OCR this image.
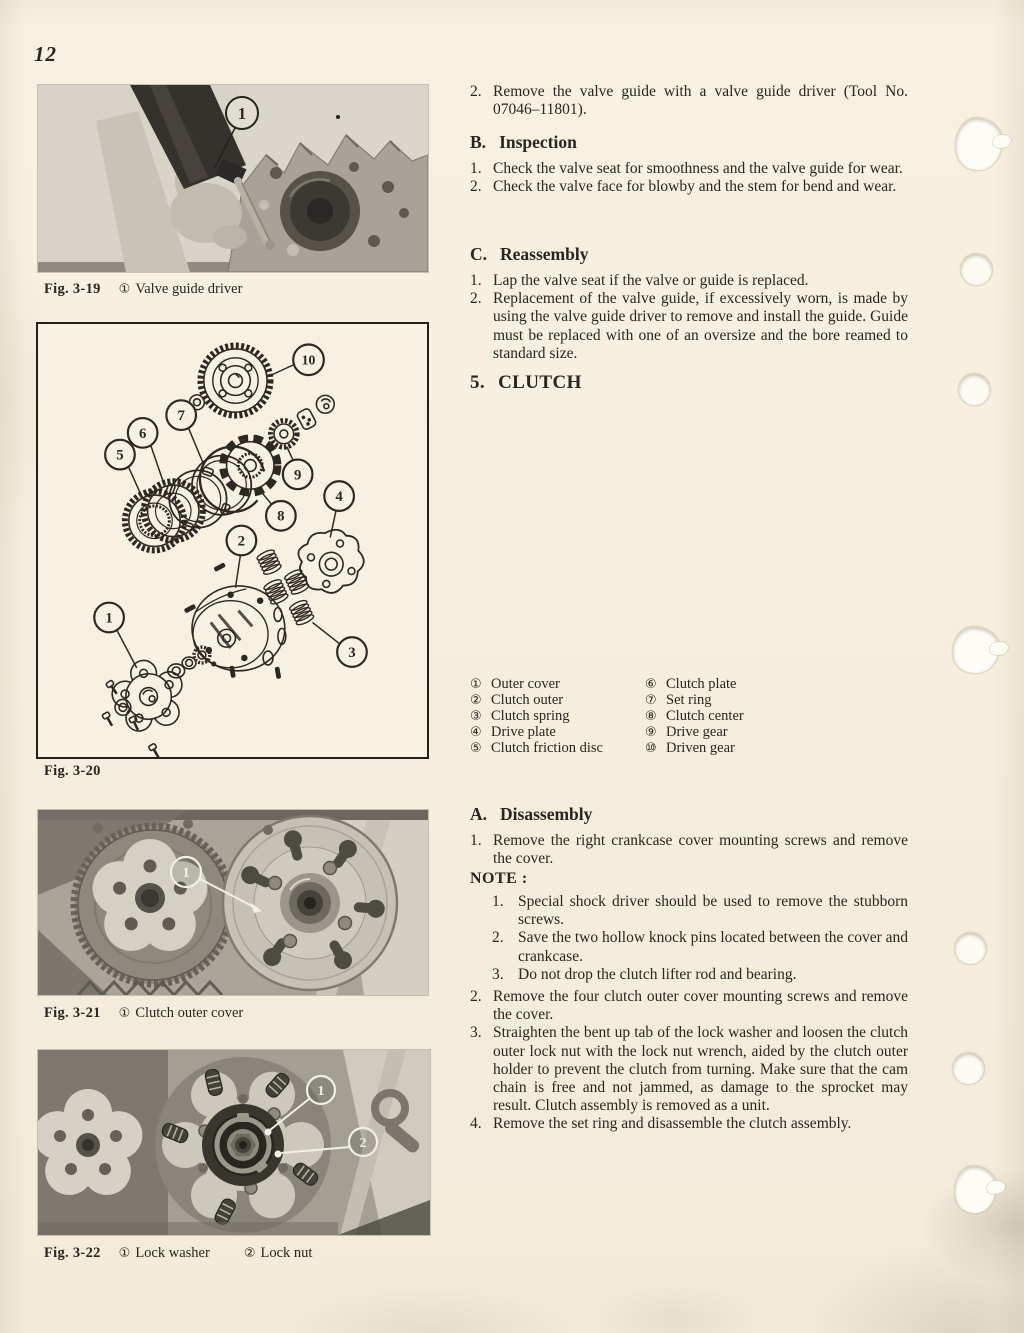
12
1
Fig. 3-19 ① Valve guide driver
1
2
3
4
5
6
7
8
9
10
Fig. 3-20
1
Fig. 3-21 ① Clutch outer cover
1
2
Fig. 3-22 ① Lock washer	② Lock nut
2. Remove the valve guide with a valve guide driver (Tool No. 07046–11801).
B. Inspection
1. Check the valve seat for smoothness and the valve guide for wear.
2. Check the valve face for blowby and the stem for bend and wear.
C. Reassembly
1. Lap the valve seat if the valve or guide is replaced.
2. Replacement of the valve guide, if excessively worn, is made by using the valve guide driver to remove and install the guide. Guide must be replaced with one of an oversize and the bore reamed to standard size.
5. CLUTCH
① Outer cover
② Clutch outer
③ Clutch spring
④ Drive plate
⑤ Clutch friction disc
⑥ Clutch plate
⑦ Set ring
⑧ Clutch center
⑨ Drive gear
⑩ Driven gear
A. Disassembly
1. Remove the right crankcase cover mounting screws and remove the cover.
NOTE :
1. Special shock driver should be used to remove the stubborn screws.
2. Save the two hollow knock pins located between the cover and crankcase.
3. Do not drop the clutch lifter rod and bearing.
2. Remove the four clutch outer cover mounting screws and remove the cover.
3. Straighten the bent up tab of the lock washer and loosen the clutch outer lock nut with the lock nut wrench, aided by the clutch outer holder to prevent the clutch from turning. Make sure that the cam chain is free and not jammed, as damage to the sprocket may result. Clutch assembly is removed as a unit.
4. Remove the set ring and disassemble the clutch assembly.
